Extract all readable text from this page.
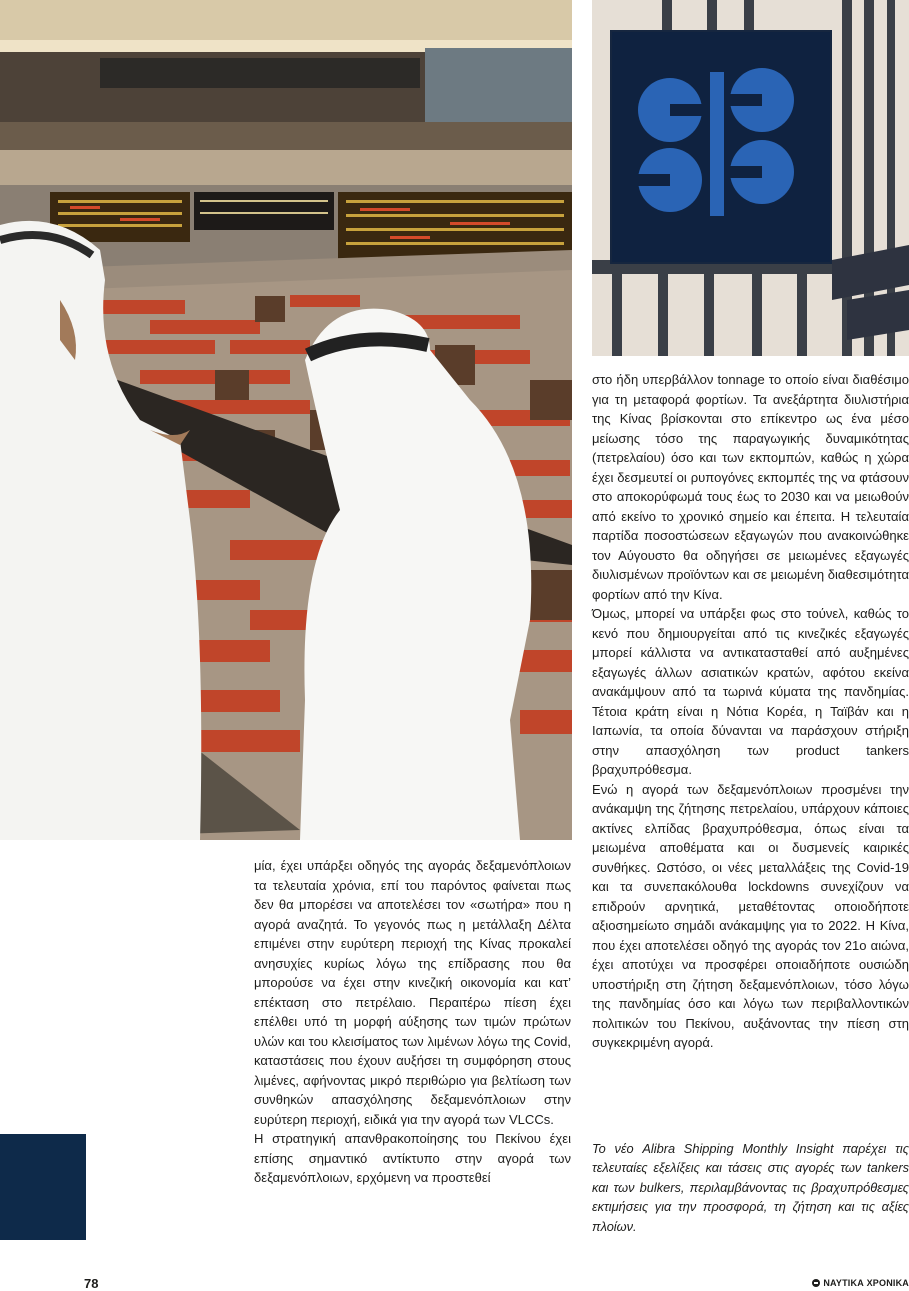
μία, έχει υπάρξει οδηγός της αγοράς δεξαμενόπλοιων τα τελευταία χρόνια, επί του παρόντος φαίνεται πως δεν θα μπορέσει να αποτελέσει τον «σωτήρα» που η αγορά αναζητά. Το γεγονός πως η μετάλλαξη Δέλτα επιμένει στην ευρύτερη περιοχή της Κίνας προκαλεί ανησυχίες κυρίως λόγω της επίδρασης που θα μπορούσε να έχει στην κινεζική οικονομία και κατ’ επέκταση στο πετρέλαιο. Περαιτέρω πίεση έχει επέλθει υπό τη μορφή αύξησης των τιμών πρώτων υλών και του κλεισίματος των λιμένων λόγω της Covid, καταστάσεις που έχουν αυξήσει τη συμφόρηση στους λιμένες, αφήνοντας μικρό περιθώριο για βελτίωση των συνθηκών απασχόλησης δεξαμενόπλοιων στην ευρύτερη περιοχή, ειδικά για την αγορά των VLCCs.

Η στρατηγική απανθρακοποίησης του Πεκίνου έχει επίσης σημαντικό αντίκτυπο στην αγορά των δεξαμενόπλοιων, ερχόμενη να προστεθεί

στο ήδη υπερβάλλον tonnage το οποίο είναι διαθέσιμο για τη μεταφορά φορτίων. Τα ανεξάρτητα διυλιστήρια της Κίνας βρίσκονται στο επίκεντρο ως ένα μέσο μείωσης τόσο της παραγωγικής δυναμικότητας (πετρελαίου) όσο και των εκπομπών, καθώς η χώρα έχει δεσμευτεί οι ρυπογόνες εκπομπές της να φτάσουν στο αποκορύφωμά τους έως το 2030 και να μειωθούν από εκείνο το χρονικό σημείο και έπειτα. Η τελευταία παρτίδα ποσοστώσεων εξαγωγών που ανακοινώθηκε τον Αύγουστο θα οδηγήσει σε μειωμένες εξαγωγές διυλισμένων προϊόντων και σε μειωμένη διαθεσιμότητα φορτίων από την Κίνα.

Όμως, μπορεί να υπάρξει φως στο τούνελ, καθώς το κενό που δημιουργείται από τις κινεζικές εξαγωγές μπορεί κάλλιστα να αντικατασταθεί από αυξημένες εξαγωγές άλλων ασιατικών κρατών, αφότου εκείνα ανακάμψουν από τα τωρινά κύματα της πανδημίας. Τέτοια κράτη είναι η Νότια Κορέα, η Ταϊβάν και η Ιαπωνία, τα οποία δύνανται να παράσχουν στήριξη στην απασχόληση των product tankers βραχυπρόθεσμα.

Ενώ η αγορά των δεξαμενόπλοιων προσμένει την ανάκαμψη της ζήτησης πετρελαίου, υπάρχουν κάποιες ακτίνες ελπίδας βραχυπρόθεσμα, όπως είναι τα μειωμένα αποθέματα και οι δυσμενείς καιρικές συνθήκες. Ωστόσο, οι νέες μεταλλάξεις της Covid-19 και τα συνεπακόλουθα lockdowns συνεχίζουν να επιδρούν αρνητικά, μεταθέτοντας οποιοδήποτε αξιοσημείωτο σημάδι ανάκαμψης για το 2022. Η Κίνα, που έχει αποτελέσει οδηγό της αγοράς τον 21ο αιώνα, έχει αποτύχει να προσφέρει οποιαδήποτε ουσιώδη υποστήριξη στη ζήτηση δεξαμενόπλοιων, τόσο λόγω της πανδημίας όσο και λόγω των περιβαλλοντικών πολιτικών του Πεκίνου, αυξάνοντας την πίεση στη συγκεκριμένη αγορά.

Το νέο Alibra Shipping Monthly Insight παρέχει τις τελευταίες εξελίξεις και τάσεις στις αγορές των tankers και των bulkers, περιλαμβάνοντας τις βραχυπρόθεσμες εκτιμήσεις για την προσφορά, τη ζήτηση και τις αξίες πλοίων.
78	ΝΑΥΤΙΚΑ ΧΡΟΝΙΚΑ
